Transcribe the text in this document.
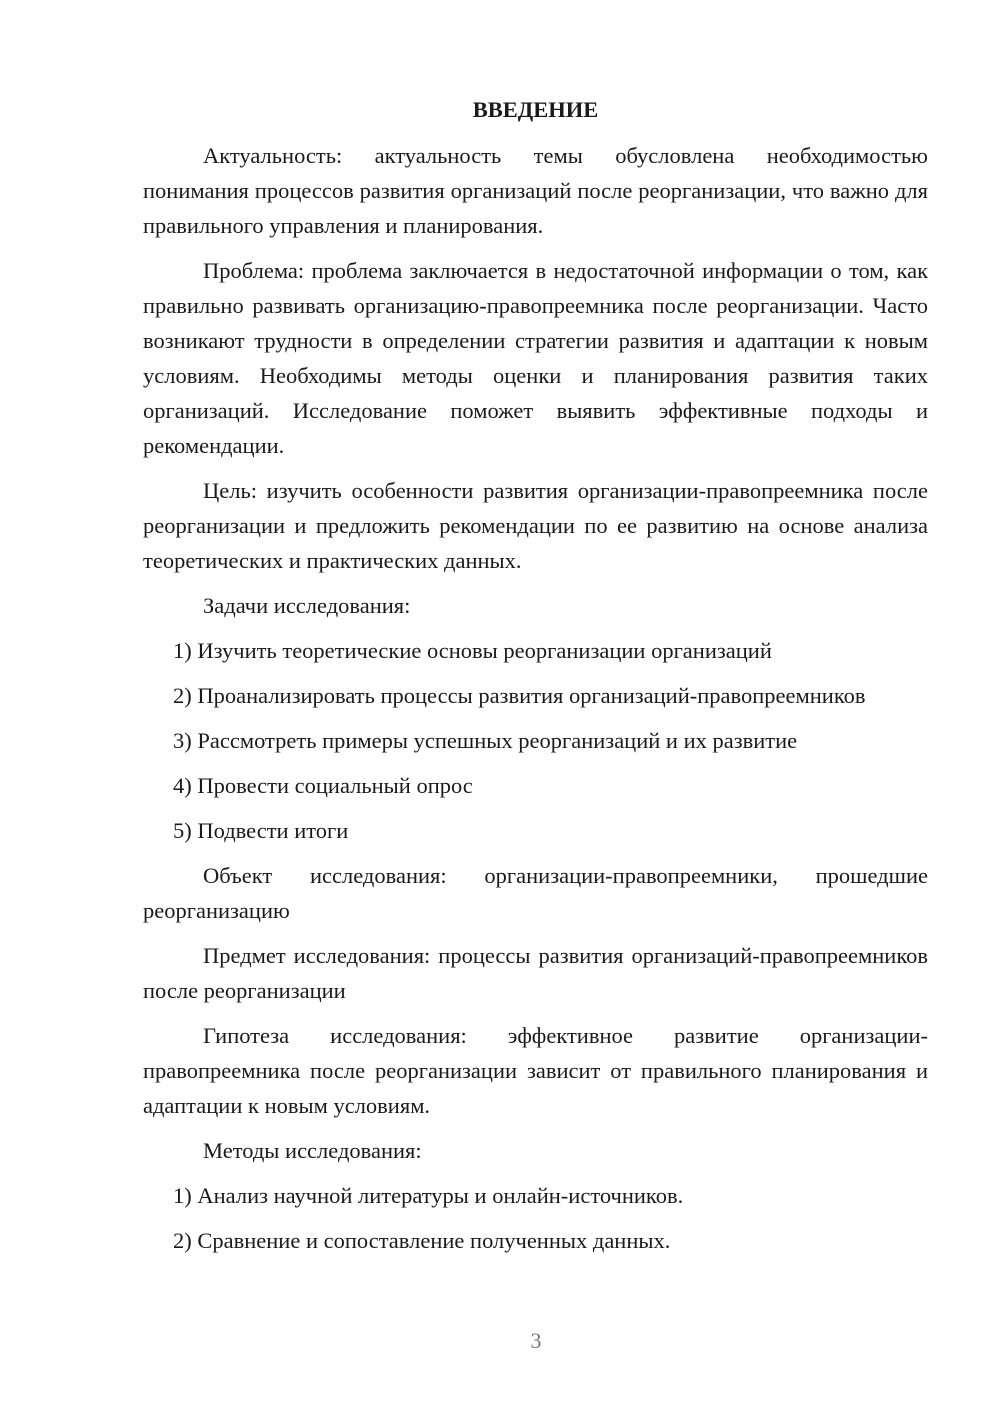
ВВЕДЕНИЕ

Актуальность: актуальность темы обусловлена необходимостью понимания процессов развития организаций после реорганизации, что важно для правильного управления и планирования.

Проблема: проблема заключается в недостаточной информации о том, как правильно развивать организацию-правопреемника после реорганизации. Часто возникают трудности в определении стратегии развития и адаптации к новым условиям. Необходимы методы оценки и планирования развития таких организаций. Исследование поможет выявить эффективные подходы и рекомендации.

Цель: изучить особенности развития организации-правопреемника после реорганизации и предложить рекомендации по ее развитию на основе анализа теоретических и практических данных.

Задачи исследования:

1) Изучить теоретические основы реорганизации организаций

2) Проанализировать процессы развития организаций-правопреемников

3) Рассмотреть примеры успешных реорганизаций и их развитие

4) Провести социальный опрос

5) Подвести итоги

Объект исследования: организации-правопреемники, прошедшие реорганизацию

Предмет исследования: процессы развития организаций-правопреемников после реорганизации

Гипотеза исследования: эффективное развитие организации-правопреемника после реорганизации зависит от правильного планирования и адаптации к новым условиям.

Методы исследования:

1) Анализ научной литературы и онлайн-источников.

2) Сравнение и сопоставление полученных данных.

3
